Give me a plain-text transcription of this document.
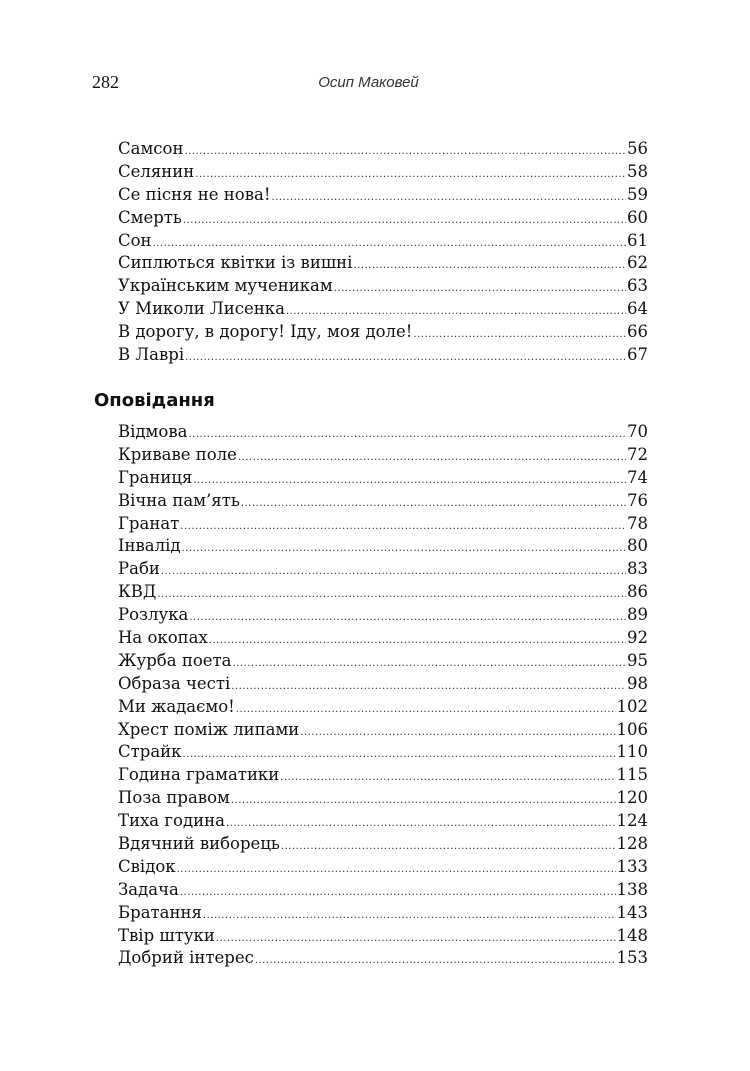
282	Осип Маковей
Самсон .....	56
Селянин .....	58
Се пісня не нова! .....	59
Смерть .....	60
Сон .....	61
Сиплються квітки із вишні .....	62
Українським мученикам .....	63
У Миколи Лисенка .....	64
В дорогу, в дорогу! Іду, моя доле! .....	66
В Лаврі .....	67
Оповідання
Відмова .....	70
Криваве поле .....	72
Границя .....	74
Вічна пам’ять .....	76
Гранат .....	78
Інвалід .....	80
Раби .....	83
КВД .....	86
Розлука .....	89
На окопах .....	92
Журба поета .....	95
Образа честі .....	98
Ми жадаємо! .....	102
Хрест поміж липами .....	106
Страйк .....	110
Година граматики .....	115
Поза правом .....	120
Тиха година .....	124
Вдячний виборець .....	128
Свідок .....	133
Задача .....	138
Братання .....	143
Твір штуки .....	148
Добрий інтерес .....	153
